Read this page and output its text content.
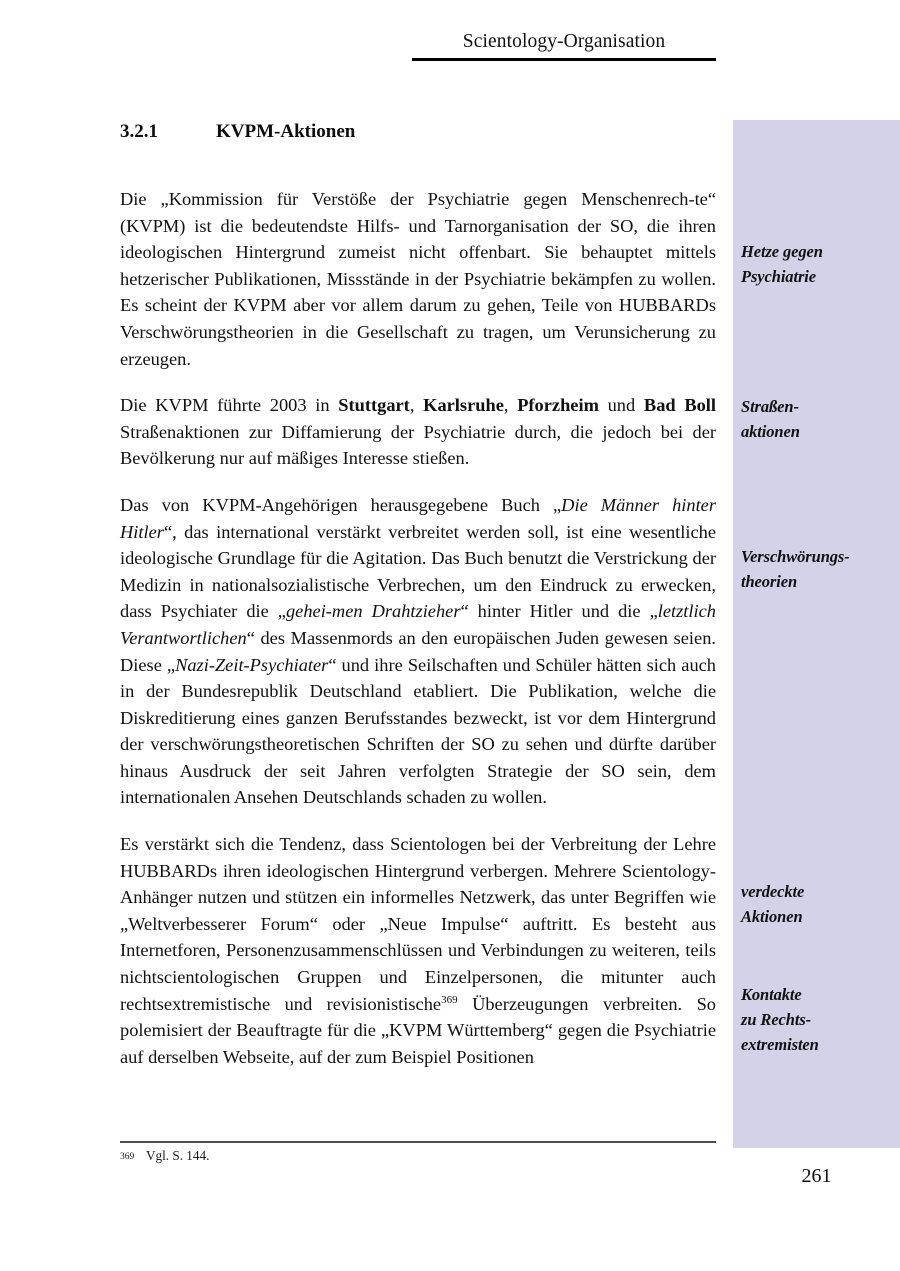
Scientology-Organisation
Hetze gegen
Psychiatrie
Straßen-
aktionen
Verschwörungs-
theorien
verdeckte
Aktionen
Kontakte
zu Rechts-
extremisten
3.2.1	KVPM-Aktionen

Die „Kommission für Verstöße der Psychiatrie gegen Menschenrech-te“ (KVPM) ist die bedeutendste Hilfs- und Tarnorganisation der SO, die ihren ideologischen Hintergrund zumeist nicht offenbart. Sie behauptet mittels hetzerischer Publikationen, Missstände in der Psychiatrie bekämpfen zu wollen. Es scheint der KVPM aber vor allem darum zu gehen, Teile von HUBBARDs Verschwörungstheorien in die Gesellschaft zu tragen, um Verunsicherung zu erzeugen.

Die KVPM führte 2003 in Stuttgart, Karlsruhe, Pforzheim und Bad Boll Straßenaktionen zur Diffamierung der Psychiatrie durch, die jedoch bei der Bevölkerung nur auf mäßiges Interesse stießen.

Das von KVPM-Angehörigen herausgegebene Buch „Die Männer hinter Hitler“, das international verstärkt verbreitet werden soll, ist eine wesentliche ideologische Grundlage für die Agitation. Das Buch benutzt die Verstrickung der Medizin in nationalsozialistische Verbrechen, um den Eindruck zu erwecken, dass Psychiater die „gehei-men Drahtzieher“ hinter Hitler und die „letztlich Verantwortlichen“ des Massenmords an den europäischen Juden gewesen seien. Diese „Nazi-Zeit-Psychiater“ und ihre Seilschaften und Schüler hätten sich auch in der Bundesrepublik Deutschland etabliert. Die Publikation, welche die Diskreditierung eines ganzen Berufsstandes bezweckt, ist vor dem Hintergrund der verschwörungstheoretischen Schriften der SO zu sehen und dürfte darüber hinaus Ausdruck der seit Jahren verfolgten Strategie der SO sein, dem internationalen Ansehen Deutschlands schaden zu wollen.

Es verstärkt sich die Tendenz, dass Scientologen bei der Verbreitung der Lehre HUBBARDs ihren ideologischen Hintergrund verbergen. Mehrere Scientology-Anhänger nutzen und stützen ein informelles Netzwerk, das unter Begriffen wie „Weltverbesserer Forum“ oder „Neue Impulse“ auftritt. Es besteht aus Internetforen, Personenzusammenschlüssen und Verbindungen zu weiteren, teils nichtscientologischen Gruppen und Einzelpersonen, die mitunter auch rechtsextremistische und revisionistische$^{369}$ Überzeugungen verbreiten. So polemisiert der Beauftragte für die „KVPM Württemberg“ gegen die Psychiatrie auf derselben Webseite, auf der zum Beispiel Positionen

369 Vgl. S. 144.
261
